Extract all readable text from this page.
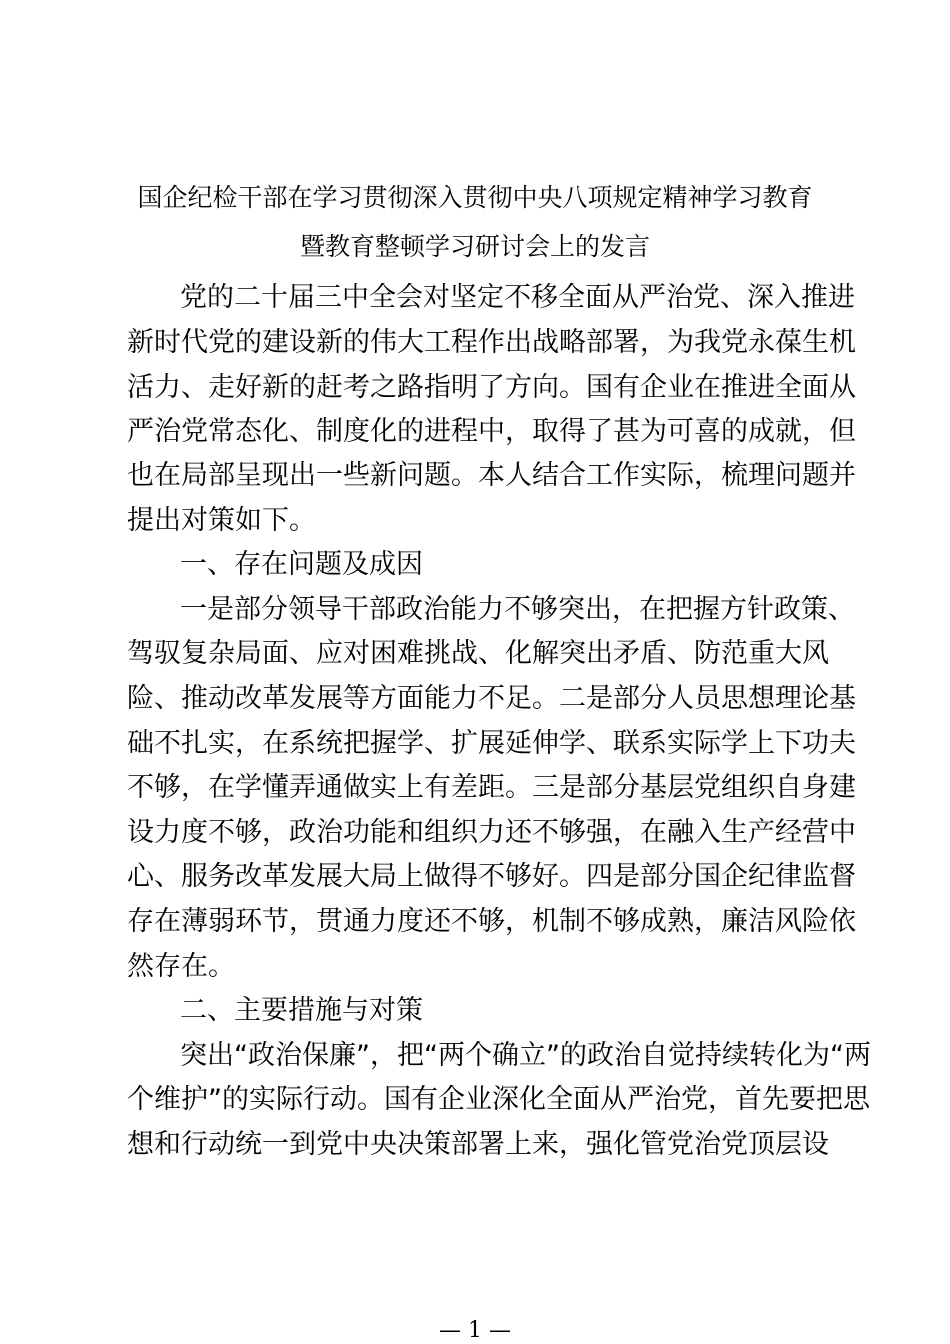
国企纪检干部在学习贯彻深入贯彻中央八项规定精神学习教育
暨教育整顿学习研讨会上的发言
党的二十届三中全会对坚定不移全面从严治党、深入推进
新时代党的建设新的伟大工程作出战略部署，为我党永葆生机
活力、走好新的赶考之路指明了方向。国有企业在推进全面从
严治党常态化、制度化的进程中，取得了甚为可喜的成就，但
也在局部呈现出一些新问题。本人结合工作实际，梳理问题并
提出对策如下。
一、存在问题及成因
一是部分领导干部政治能力不够突出，在把握方针政策、
驾驭复杂局面、应对困难挑战、化解突出矛盾、防范重大风
险、推动改革发展等方面能力不足。二是部分人员思想理论基
础不扎实，在系统把握学、扩展延伸学、联系实际学上下功夫
不够，在学懂弄通做实上有差距。三是部分基层党组织自身建
设力度不够，政治功能和组织力还不够强，在融入生产经营中
心、服务改革发展大局上做得不够好。四是部分国企纪律监督
存在薄弱环节，贯通力度还不够，机制不够成熟，廉洁风险依
然存在。
二、主要措施与对策
突出“政治保廉”，把“两个确立”的政治自觉持续转化为“两
个维护”的实际行动。国有企业深化全面从严治党，首先要把思
想和行动统一到党中央决策部署上来，强化管党治党顶层设
— 1 —
